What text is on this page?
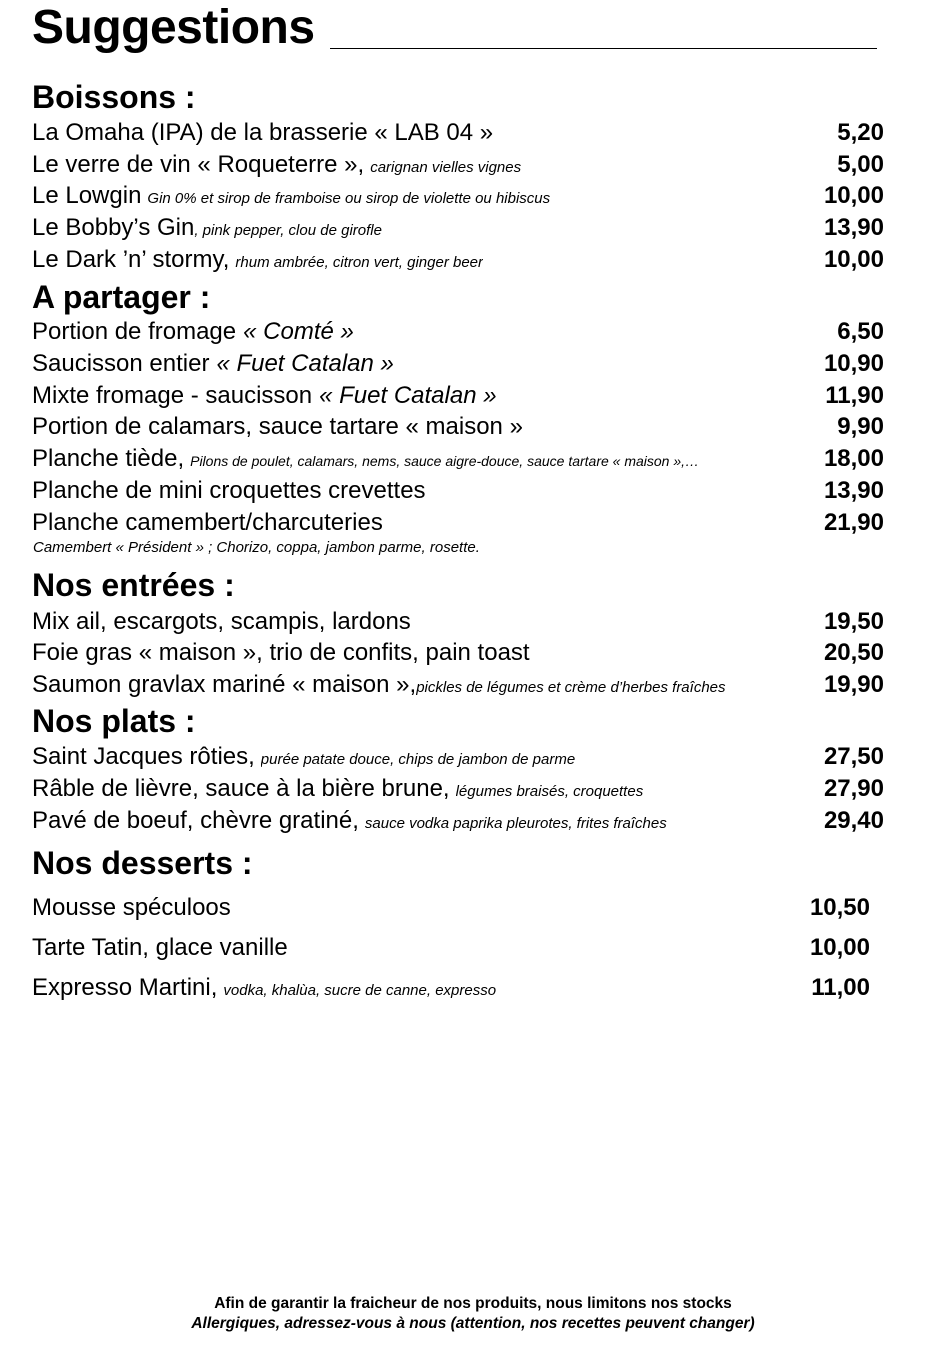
Suggestions
Boissons :
La Omaha (IPA) de la brasserie « LAB 04 »	5,20
Le verre de vin « Roqueterre », carignan vielles vignes	5,00
Le Lowgin Gin 0% et sirop de framboise ou sirop de violette ou hibiscus	10,00
Le Bobby’s Gin , pink pepper, clou de girofle	13,90
Le Dark ’n’ stormy, rhum ambrée, citron vert, ginger beer	10,00
A partager :
Portion de fromage « Comté »	6,50
Saucisson entier « Fuet Catalan »	10,90
Mixte fromage - saucisson « Fuet Catalan »	11,90
Portion de calamars, sauce tartare « maison »	9,90
Planche tiède, Pilons de poulet, calamars, nems, sauce aigre-douce, sauce tartare « maison »,…	18,00
Planche de mini croquettes crevettes	13,90
Planche camembert/charcuteries	21,90
Camembert « Président » ; Chorizo, coppa, jambon parme, rosette.
Nos entrées :
Mix ail, escargots, scampis, lardons	19,50
Foie gras « maison », trio de confits, pain toast	20,50
Saumon gravlax mariné « maison », pickles de légumes et crème d’herbes fraîches	19,90
Nos plats :
Saint Jacques rôties, purée patate douce, chips de jambon de parme	27,50
Râble de lièvre, sauce à la bière brune, légumes braisés, croquettes	27,90
Pavé de boeuf, chèvre gratiné, sauce vodka paprika pleurotes, frites fraîches	29,40
Nos desserts :
Mousse spéculoos	10,50
Tarte Tatin, glace vanille	10,00
Expresso Martini, vodka, khalùa, sucre de canne, expresso	11,00
Afin de garantir la fraicheur de nos produits, nous limitons nos stocks
Allergiques, adressez-vous à nous (attention, nos recettes peuvent changer)
